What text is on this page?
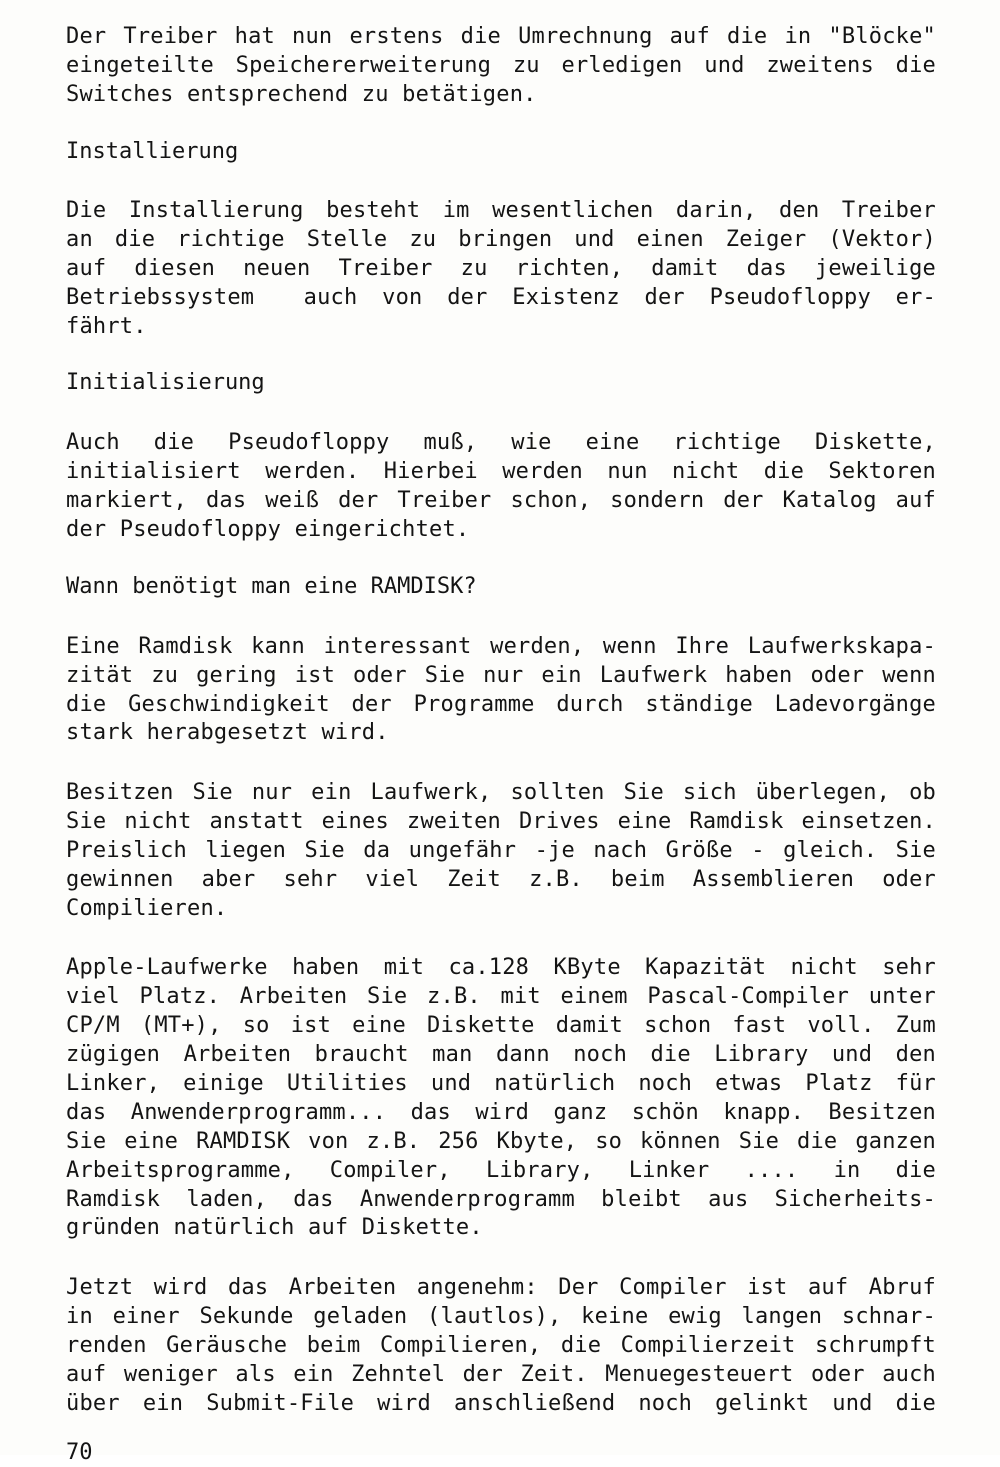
Der Treiber hat nun erstens die Umrechnung auf die in "Blöcke"
eingeteilte Speichererweiterung zu erledigen und zweitens die
Switches entsprechend zu betätigen.
Installierung
Die Installierung besteht im wesentlichen darin, den Treiber
an die richtige Stelle zu bringen und einen Zeiger (Vektor)
auf diesen neuen Treiber zu richten, damit das jeweilige
Betriebssystem  auch von der Existenz der Pseudofloppy er-
fährt.
Initialisierung
Auch die Pseudofloppy muß, wie eine richtige Diskette,
initialisiert werden. Hierbei werden nun nicht die Sektoren
markiert, das weiß der Treiber schon, sondern der Katalog auf
der Pseudofloppy eingerichtet.
Wann benötigt man eine RAMDISK?
Eine Ramdisk kann interessant werden, wenn Ihre Laufwerkskapa-
zität zu gering ist oder Sie nur ein Laufwerk haben oder wenn
die Geschwindigkeit der Programme durch ständige Ladevorgänge
stark herabgesetzt wird.
Besitzen Sie nur ein Laufwerk, sollten Sie sich überlegen, ob
Sie nicht anstatt eines zweiten Drives eine Ramdisk einsetzen.
Preislich liegen Sie da ungefähr -je nach Größe - gleich. Sie
gewinnen aber sehr viel Zeit z.B. beim Assemblieren oder
Compilieren.
Apple-Laufwerke haben mit ca.128 KByte Kapazität nicht sehr
viel Platz. Arbeiten Sie z.B. mit einem Pascal-Compiler unter
CP/M (MT+), so ist eine Diskette damit schon fast voll. Zum
zügigen Arbeiten braucht man dann noch die Library und den
Linker, einige Utilities und natürlich noch etwas Platz für
das Anwenderprogramm... das wird ganz schön knapp. Besitzen
Sie eine RAMDISK von z.B. 256 Kbyte, so können Sie die ganzen
Arbeitsprogramme, Compiler, Library, Linker .... in die
Ramdisk laden, das Anwenderprogramm bleibt aus Sicherheits-
gründen natürlich auf Diskette.
Jetzt wird das Arbeiten angenehm: Der Compiler ist auf Abruf
in einer Sekunde geladen (lautlos), keine ewig langen schnar-
renden Geräusche beim Compilieren, die Compilierzeit schrumpft
auf weniger als ein Zehntel der Zeit. Menuegesteuert oder auch
über ein Submit-File wird anschließend noch gelinkt und die
70
